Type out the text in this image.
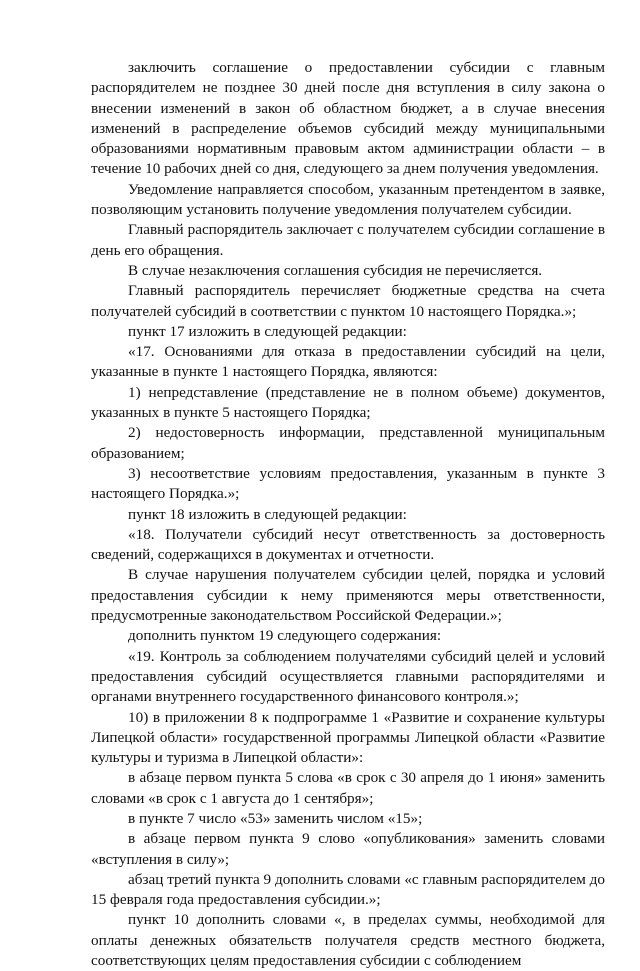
заключить соглашение о предоставлении субсидии с главным распорядителем не позднее 30 дней после дня вступления в силу закона о внесении изменений в закон об областном бюджет, а в случае внесения изменений в распределение объемов субсидий между муниципальными образованиями нормативным правовым актом администрации области – в течение 10 рабочих дней со дня, следующего за днем получения уведомления.

Уведомление направляется способом, указанным претендентом в заявке, позволяющим установить получение уведомления получателем субсидии.

Главный распорядитель заключает с получателем субсидии соглашение в день его обращения.

В случае незаключения соглашения субсидия не перечисляется.

Главный распорядитель перечисляет бюджетные средства на счета получателей субсидий в соответствии с пунктом 10 настоящего Порядка.»;

пункт 17 изложить в следующей редакции:

«17. Основаниями для отказа в предоставлении субсидий на цели, указанные в пункте 1 настоящего Порядка, являются:

1) непредставление (представление не в полном объеме) документов, указанных в пункте 5 настоящего Порядка;

2) недостоверность информации, представленной муниципальным образованием;

3) несоответствие условиям предоставления, указанным в пункте 3 настоящего Порядка.»;

пункт 18 изложить в следующей редакции:

«18. Получатели субсидий несут ответственность за достоверность сведений, содержащихся в документах и отчетности.

В случае нарушения получателем субсидии целей, порядка и условий предоставления субсидии к нему применяются меры ответственности, предусмотренные законодательством Российской Федерации.»;

дополнить пунктом 19 следующего содержания:

«19. Контроль за соблюдением получателями субсидий целей и условий предоставления субсидий осуществляется главными распорядителями и органами внутреннего государственного финансового контроля.»;

10) в приложении 8 к подпрограмме 1 «Развитие и сохранение культуры Липецкой области» государственной программы Липецкой области «Развитие культуры и туризма в Липецкой области»:

в абзаце первом пункта 5 слова «в срок с 30 апреля до 1 июня» заменить словами «в срок с 1 августа до 1 сентября»;

в пункте 7 число «53» заменить числом «15»;

в абзаце первом пункта 9 слово «опубликования» заменить словами «вступления в силу»;

абзац третий пункта 9 дополнить словами «с главным распорядителем до 15 февраля года предоставления субсидии.»;

пункт 10 дополнить словами «, в пределах суммы, необходимой для оплаты денежных обязательств получателя средств местного бюджета, соответствующих целям предоставления субсидии с соблюдением
